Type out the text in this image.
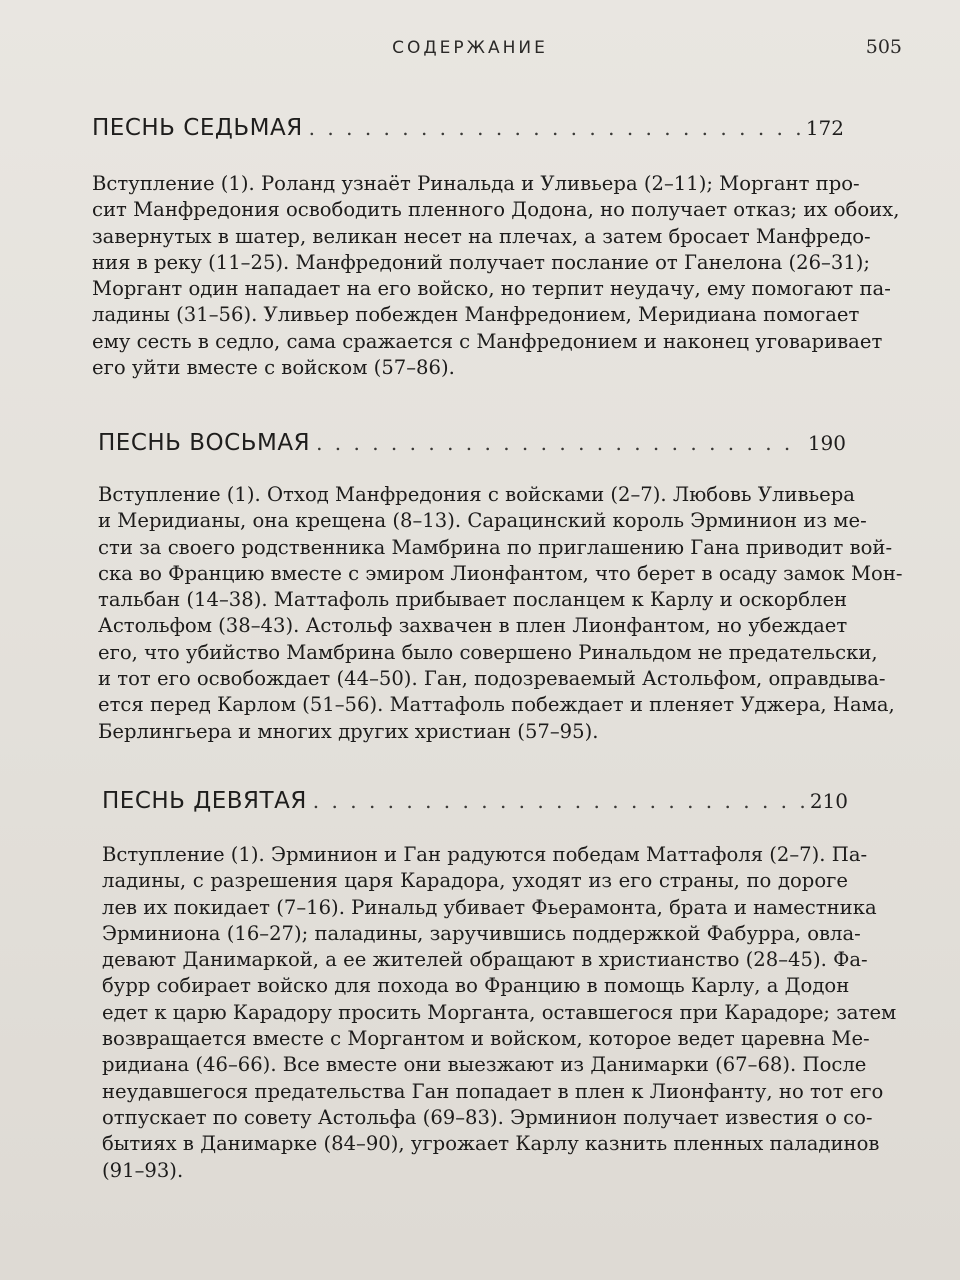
СОДЕРЖАНИЕ	505
ПЕСНЬ СЕДЬМАЯ . . .	172
Вступление (1). Роланд узнаёт Ринальда и Уливьера (2–11); Моргант про-
сит Манфредония освободить пленного Додона, но получает отказ; их обоих,
завернутых в шатер, великан несет на плечах, а затем бросает Манфредо-
ния в реку (11–25). Манфредоний получает послание от Ганелона (26–31);
Моргант один нападает на его войско, но терпит неудачу, ему помогают па-
ладины (31–56). Уливьер побежден Манфредонием, Меридиана помогает
ему сесть в седло, сама сражается с Манфредонием и наконец уговаривает
его уйти вместе с войском (57–86).
ПЕСНЬ ВОСЬМАЯ . . .	190
Вступление (1). Отход Манфредония с войсками (2–7). Любовь Уливьера
и Меридианы, она крещена (8–13). Сарацинский король Эрминион из ме-
сти за своего родственника Мамбрина по приглашению Гана приводит вой-
ска во Францию вместе с эмиром Лионфантом, что берет в осаду замок Мон-
тальбан (14–38). Маттафоль прибывает посланцем к Карлу и оскорблен
Астольфом (38–43). Астольф захвачен в плен Лионфантом, но убеждает
его, что убийство Мамбрина было совершено Ринальдом не предательски,
и тот его освобождает (44–50). Ган, подозреваемый Астольфом, оправдыва-
ется перед Карлом (51–56). Маттафоль побеждает и пленяет Уджера, Нама,
Берлингьера и многих других христиан (57–95).
ПЕСНЬ ДЕВЯТАЯ . . .	210
Вступление (1). Эрминион и Ган радуются победам Маттафоля (2–7). Па-
ладины, с разрешения царя Карадора, уходят из его страны, по дороге
лев их покидает (7–16). Ринальд убивает Фьерамонта, брата и наместника
Эрминиона (16–27); паладины, заручившись поддержкой Фабурра, овла-
девают Данимаркой, а ее жителей обращают в христианство (28–45). Фа-
бурр собирает войско для похода во Францию в помощь Карлу, а Додон
едет к царю Карадору просить Морганта, оставшегося при Карадоре; затем
возвращается вместе с Моргантом и войском, которое ведет царевна Ме-
ридиана (46–66). Все вместе они выезжают из Данимарки (67–68). После
неудавшегося предательства Ган попадает в плен к Лионфанту, но тот его
отпускает по совету Астольфа (69–83). Эрминион получает известия о со-
бытиях в Данимарке (84–90), угрожает Карлу казнить пленных паладинов
(91–93).
